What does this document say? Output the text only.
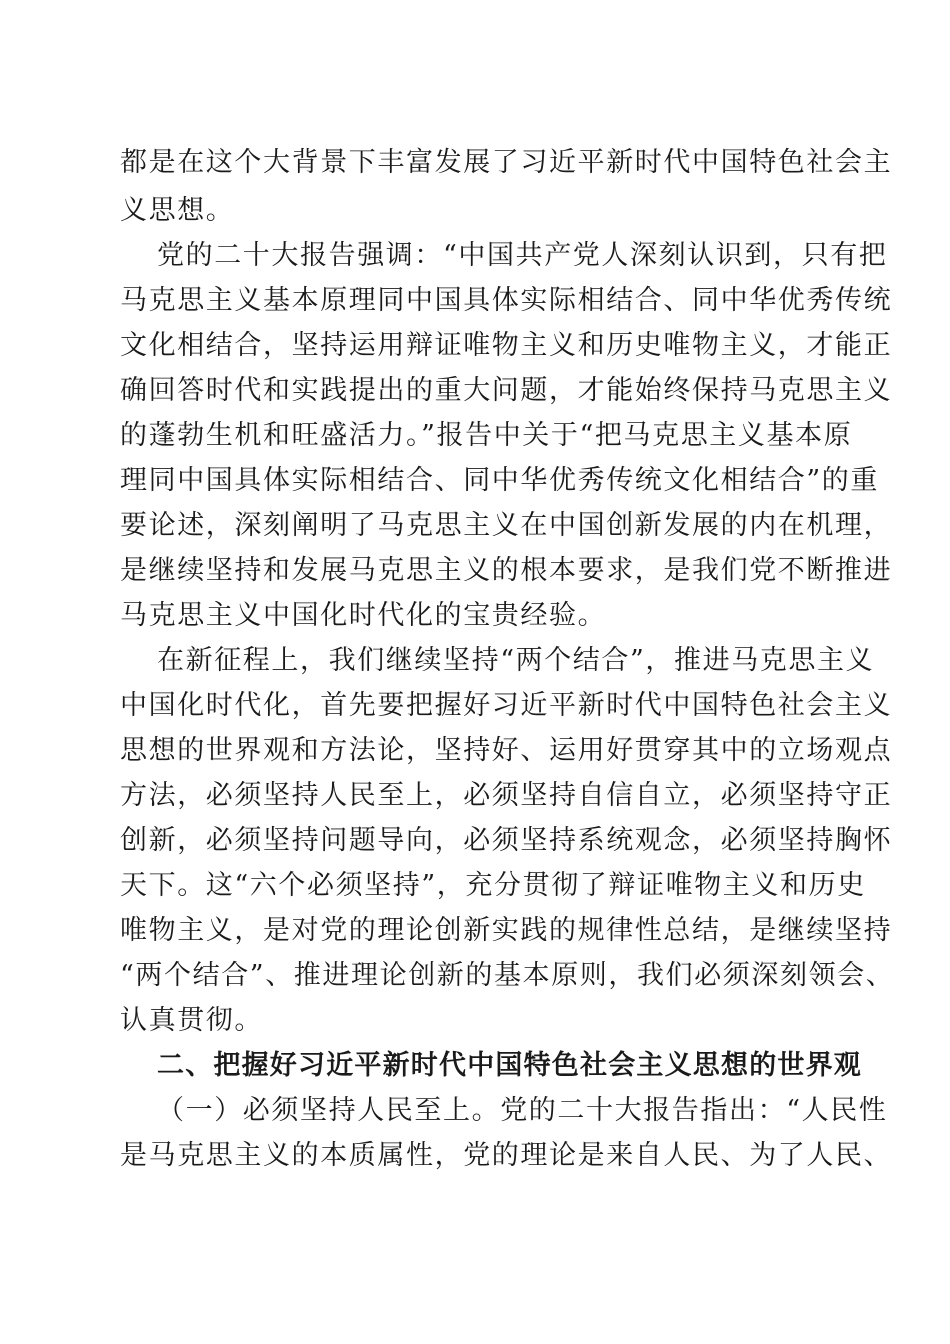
都是在这个大背景下丰富发展了习近平新时代中国特色社会主
义思想。
党的二十大报告强调：“中国共产党人深刻认识到，只有把
马克思主义基本原理同中国具体实际相结合、同中华优秀传统
文化相结合，坚持运用辩证唯物主义和历史唯物主义，才能正
确回答时代和实践提出的重大问题，才能始终保持马克思主义
的蓬勃生机和旺盛活力。”报告中关于“把马克思主义基本原
理同中国具体实际相结合、同中华优秀传统文化相结合”的重
要论述，深刻阐明了马克思主义在中国创新发展的内在机理，
是继续坚持和发展马克思主义的根本要求，是我们党不断推进
马克思主义中国化时代化的宝贵经验。
在新征程上，我们继续坚持“两个结合”，推进马克思主义
中国化时代化，首先要把握好习近平新时代中国特色社会主义
思想的世界观和方法论，坚持好、运用好贯穿其中的立场观点
方法，必须坚持人民至上，必须坚持自信自立，必须坚持守正
创新，必须坚持问题导向，必须坚持系统观念，必须坚持胸怀
天下。这“六个必须坚持”，充分贯彻了辩证唯物主义和历史
唯物主义，是对党的理论创新实践的规律性总结，是继续坚持
“两个结合”、推进理论创新的基本原则，我们必须深刻领会、
认真贯彻。
二、把握好习近平新时代中国特色社会主义思想的世界观
（一）必须坚持人民至上。党的二十大报告指出：“人民性
是马克思主义的本质属性，党的理论是来自人民、为了人民、
